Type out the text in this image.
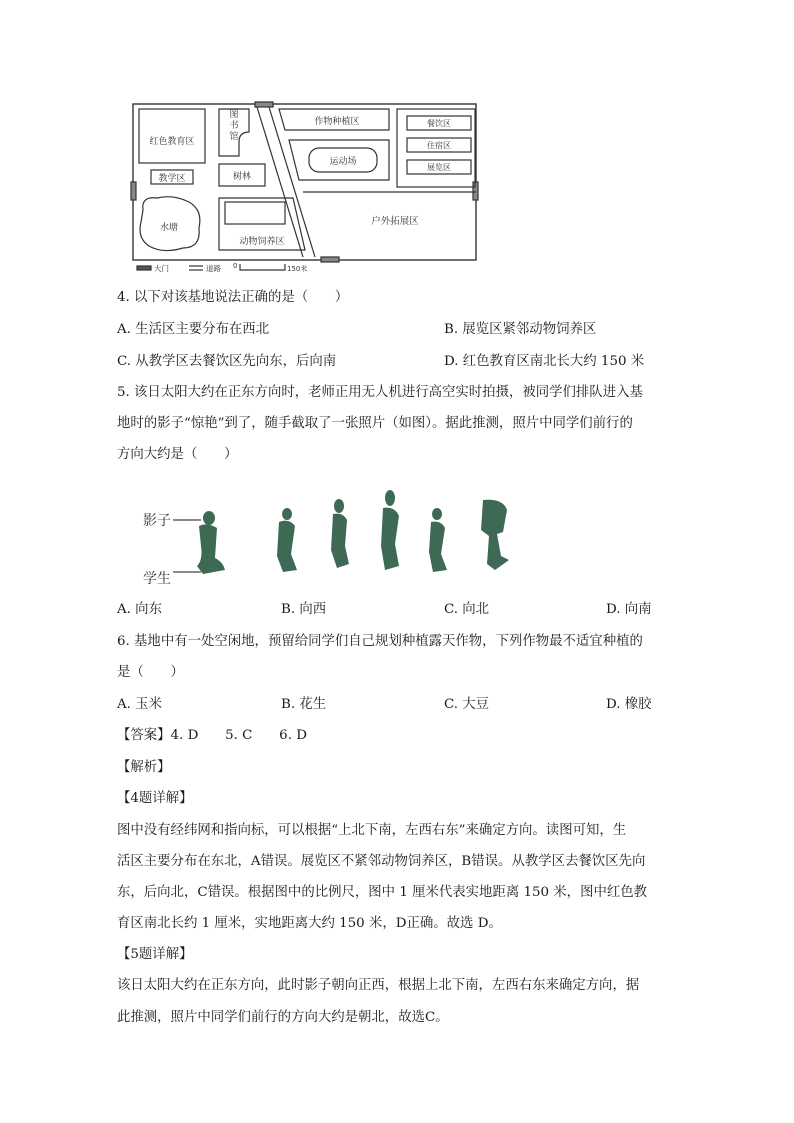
红色教育区
图书馆
教学区	树林
水塘
动物饲养区
作物种植区
运动场
餐饮区
住宿区
展览区
户外拓展区
大门	道路 0	150米
4. 以下对该基地说法正确的是（　　）
A. 生活区主要分布在西北	B. 展览区紧邻动物饲养区
C. 从教学区去餐饮区先向东，后向南	D. 红色教育区南北长大约 150 米
5. 该日太阳大约在正东方向时，老师正用无人机进行高空实时拍摄，被同学们排队进入基
地时的影子“惊艳”到了，随手截取了一张照片（如图）。据此推测，照片中同学们前行的
方向大约是（　　）
影子
学生
A. 向东	B. 向西	C. 向北	D. 向南
6. 基地中有一处空闲地，预留给同学们自己规划种植露天作物，下列作物最不适宜种植的
是（　　）
A. 玉米	B. 花生	C. 大豆	D. 橡胶
【答案】4. D　　5. C　　6. D
【解析】
【4题详解】
图中没有经纬网和指向标，可以根据“上北下南，左西右东”来确定方向。读图可知，生
活区主要分布在东北，A错误。展览区不紧邻动物饲养区，B错误。从教学区去餐饮区先向
东，后向北，C错误。根据图中的比例尺，图中 1 厘米代表实地距离 150 米，图中红色教
育区南北长约 1 厘米，实地距离大约 150 米，D正确。故选 D。
【5题详解】
该日太阳大约在正东方向，此时影子朝向正西，根据上北下南，左西右东来确定方向，据
此推测，照片中同学们前行的方向大约是朝北，故选C。
